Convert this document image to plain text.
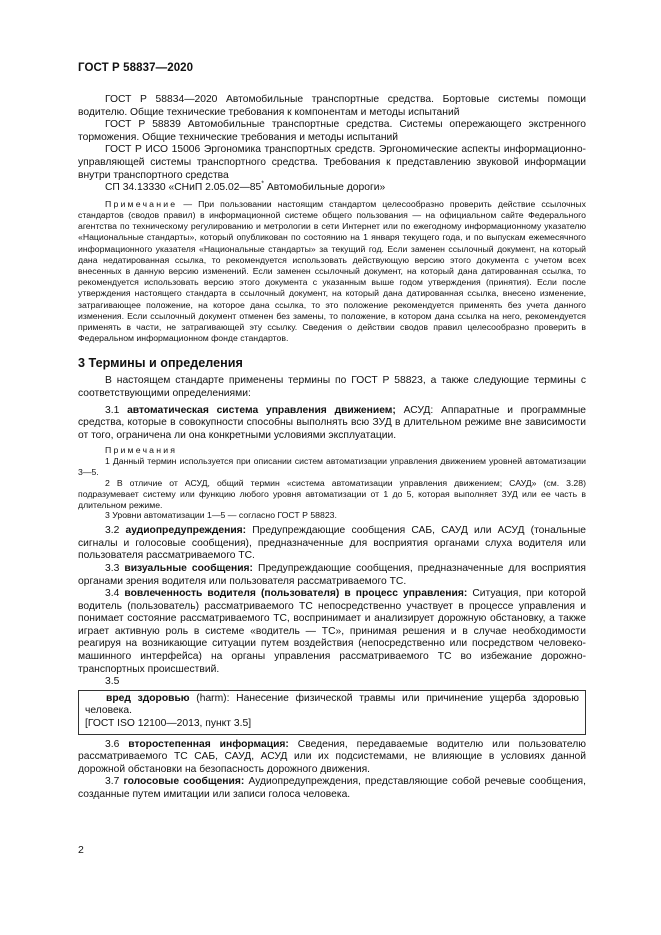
ГОСТ Р 58837—2020

ГОСТ Р 58834—2020 Автомобильные транспортные средства. Бортовые системы помощи водителю. Общие технические требования к компонентам и методы испытаний

ГОСТ Р 58839 Автомобильные транспортные средства. Системы опережающего экстренного торможения. Общие технические требования и методы испытаний

ГОСТ Р ИСО 15006 Эргономика транспортных средств. Эргономические аспекты информационно-управляющей системы транспортного средства. Требования к представлению звуковой информации внутри транспортного средства

СП 34.13330 «СНиП 2.05.02—85* Автомобильные дороги»

Примечание — При пользовании настоящим стандартом целесообразно проверить действие ссылочных стандартов (сводов правил) в информационной системе общего пользования — на официальном сайте Федерального агентства по техническому регулированию и метрологии в сети Интернет или по ежегодному информационному указателю «Национальные стандарты», который опубликован по состоянию на 1 января текущего года, и по выпускам ежемесячного информационного указателя «Национальные стандарты» за текущий год. Если заменен ссылочный документ, на который дана недатированная ссылка, то рекомендуется использовать действующую версию этого документа с учетом всех внесенных в данную версию изменений. Если заменен ссылочный документ, на который дана датированная ссылка, то рекомендуется использовать версию этого документа с указанным выше годом утверждения (принятия). Если после утверждения настоящего стандарта в ссылочный документ, на который дана датированная ссылка, внесено изменение, затрагивающее положение, на которое дана ссылка, то это положение рекомендуется применять без учета данного изменения. Если ссылочный документ отменен без замены, то положение, в котором дана ссылка на него, рекомендуется применять в части, не затрагивающей эту ссылку. Сведения о действии сводов правил целесообразно проверить в Федеральном информационном фонде стандартов.

3 Термины и определения

В настоящем стандарте применены термины по ГОСТ Р 58823, а также следующие термины с соответствующими определениями:

3.1 автоматическая система управления движением; АСУД: Аппаратные и программные средства, которые в совокупности способны выполнять всю ЗУД в длительном режиме вне зависимости от того, ограничена ли она конкретными условиями эксплуатации.

Примечания

1 Данный термин используется при описании систем автоматизации управления движением уровней автоматизации 3—5.

2 В отличие от АСУД, общий термин «система автоматизации управления движением; САУД» (см. 3.28) подразумевает систему или функцию любого уровня автоматизации от 1 до 5, которая выполняет ЗУД или ее часть в длительном режиме.

3 Уровни автоматизации 1—5 — согласно ГОСТ Р 58823.

3.2 аудиопредупреждения: Предупреждающие сообщения САБ, САУД или АСУД (тональные сигналы и голосовые сообщения), предназначенные для восприятия органами слуха водителя или пользователя рассматриваемого ТС.

3.3 визуальные сообщения: Предупреждающие сообщения, предназначенные для восприятия органами зрения водителя или пользователя рассматриваемого ТС.

3.4 вовлеченность водителя (пользователя) в процесс управления: Ситуация, при которой водитель (пользователь) рассматриваемого ТС непосредственно участвует в процессе управления и понимает состояние рассматриваемого ТС, воспринимает и анализирует дорожную обстановку, а также играет активную роль в системе «водитель — ТС», принимая решения и в случае необходимости реагируя на возникающие ситуации путем воздействия (непосредственно или посредством человеко-машинного интерфейса) на органы управления рассматриваемого ТС во избежание дорожно-транспортных происшествий.

3.5

вред здоровью (harm): Нанесение физической травмы или причинение ущерба здоровью человека.

[ГОСТ ISO 12100—2013, пункт 3.5]

3.6 второстепенная информация: Сведения, передаваемые водителю или пользователю рассматриваемого ТС САБ, САУД, АСУД или их подсистемами, не влияющие в условиях данной дорожной обстановки на безопасность дорожного движения.

3.7 голосовые сообщения: Аудиопредупреждения, представляющие собой речевые сообщения, созданные путем имитации или записи голоса человека.

2
